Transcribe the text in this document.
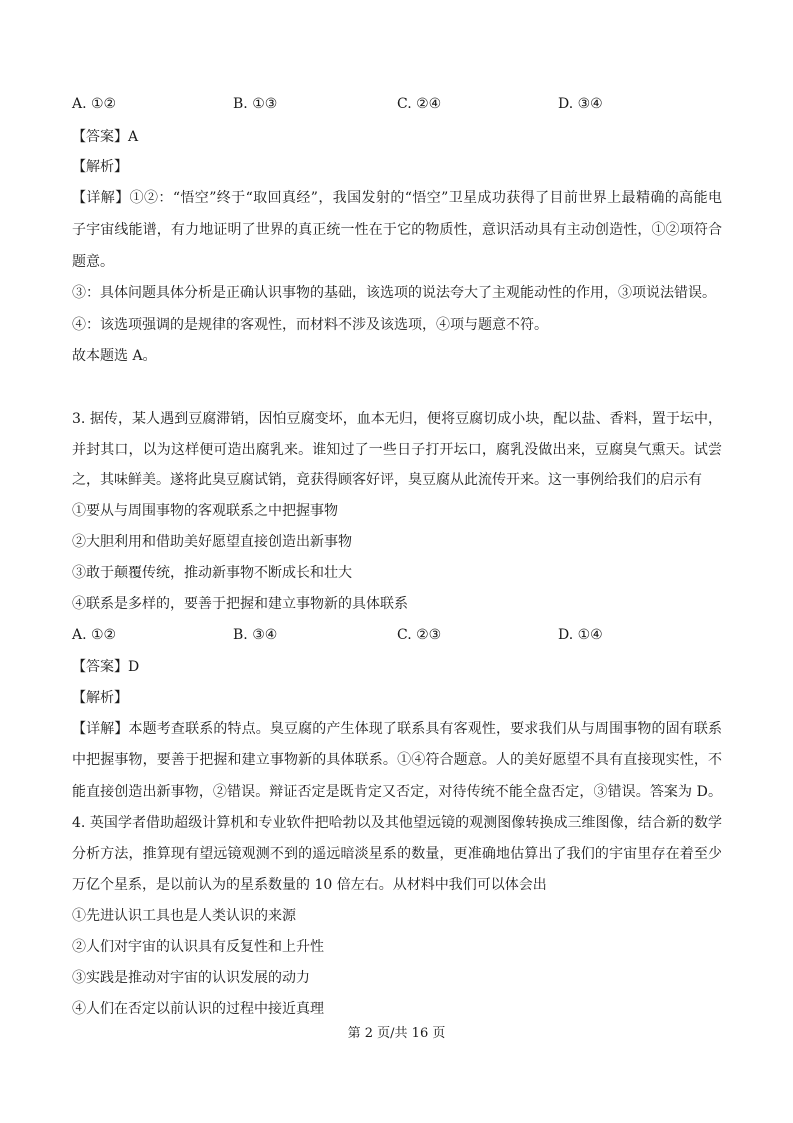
A. ①②	B. ①③	C. ②④	D. ③④
【答案】A
【解析】
【详解】①②：“悟空”终于“取回真经”，我国发射的“悟空”卫星成功获得了目前世界上最精确的高能电
子宇宙线能谱，有力地证明了世界的真正统一性在于它的物质性，意识活动具有主动创造性，①②项符合
题意。
③：具体问题具体分析是正确认识事物的基础，该选项的说法夸大了主观能动性的作用，③项说法错误。
④：该选项强调的是规律的客观性，而材料不涉及该选项，④项与题意不符。
故本题选 A。
3. 据传，某人遇到豆腐滞销，因怕豆腐变坏，血本无归，便将豆腐切成小块，配以盐、香料，置于坛中，
并封其口，以为这样便可造出腐乳来。谁知过了一些日子打开坛口，腐乳没做出来，豆腐臭气熏天。试尝
之，其味鲜美。遂将此臭豆腐试销，竟获得顾客好评，臭豆腐从此流传开来。这一事例给我们的启示有
①要从与周围事物的客观联系之中把握事物
②大胆利用和借助美好愿望直接创造出新事物
③敢于颠覆传统，推动新事物不断成长和壮大
④联系是多样的，要善于把握和建立事物新的具体联系
A. ①②	B. ③④	C. ②③	D. ①④
【答案】D
【解析】
【详解】本题考查联系的特点。臭豆腐的产生体现了联系具有客观性，要求我们从与周围事物的固有联系
中把握事物，要善于把握和建立事物新的具体联系。①④符合题意。人的美好愿望不具有直接现实性，不
能直接创造出新事物，②错误。辩证否定是既肯定又否定，对待传统不能全盘否定，③错误。答案为 D。
4. 英国学者借助超级计算机和专业软件把哈勃以及其他望远镜的观测图像转换成三维图像，结合新的数学
分析方法，推算现有望远镜观测不到的遥远暗淡星系的数量，更准确地估算出了我们的宇宙里存在着至少
万亿个星系，是以前认为的星系数量的 10 倍左右。从材料中我们可以体会出
①先进认识工具也是人类认识的来源
②人们对宇宙的认识具有反复性和上升性
③实践是推动对宇宙的认识发展的动力
④人们在否定以前认识的过程中接近真理
第 2 页/共 16 页
